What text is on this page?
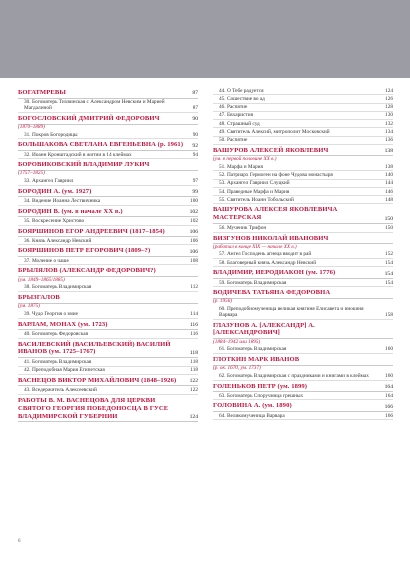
БОГАТМРЕВЫ	87
30. Богоматерь Тихвинская с Александром Невским и Марией Магдалиной	87
БОГОСЛОВСКИЙ ДМИТРИЙ ФЕДОРОВИЧ	90
(1870–1889)
31. Покров Богородицы	90
БОЛЬШАКОВА СВЕТЛАНА ЕВГЕНЬЕВНА (р. 1961)	92
32. Иоанн Кронштадский в житии в 14 клеймах	94
БОРОВИКОВСКИЙ ВЛАДИМИР ЛУКИЧ
(1757–1825)
33. Архангел Гавриил	97
БОРОДИН А. (ум. 1927)	99
34. Видение Иоанна Лествичника	100
БОРОДИН В. (ум. в начале ХХ в.)	102
35. Воскресение Христово	102
БОЯРШИНОВ ЕГОР АНДРЕЕВИЧ (1817–1854)	106
36. Князь Александр Невский	106
БОЯРШИНОВ ПЕТР ЕГОРОВИЧ (1809–?)	106
37. Моление о чаше	108
БРЫЛЯЛОВ (АЛЕКСАНДР ФЕДОРОВИЧ?)
(ум. 1849–1865/1885)
38. Богоматерь Владимирская	112
БРЫЗГАЛОВ
(ум. 1875)
39. Чудо Георгия о змие	114
ВАРЛАМ, МОНАХ (ум. 1723)	116
40. Богоматерь Федоровская	116
ВАСИЛЕВСКИЙ (ВАСИЛЬЕВСКИЙ) ВАСИЛИЙ ИВАНОВ (ум. 1725–1767)	118
41. Богоматерь Владимирская	118
42. Преподобная Мария Египетская	118
ВАСНЕЦОВ ВИКТОР МИХАЙЛОВИЧ (1848–1926)	122
43. Вседержитель Алексеевский	122
РАБОТЫ В. М. ВАСНЕЦОВА ДЛЯ ЦЕРКВИ СВЯТОГО ГЕОРГИЯ ПОБЕДОНОСЦА В ГУСЕ ВЛАДИМИРСКОЙ ГУБЕРНИИ	124
44. О Тебе радуется	124
45. Сошествие во ад	126
46. Распятие	128
47. Евхаристия	130
48. Страшный суд	132
49. Святитель Алексий, митрополит Московский	134
50. Распятие	136
ВАШУРОВ АЛЕКСЕЙ ЯКОВЛЕВИЧ	138
(ум. в первой половине ХХ в.)
51. Марфа и Мария	138
52. Патриарх Гермоген на фоне Чудова монастыря	140
53. Архангел Гавриил Слуцкий	144
54. Праведные Марфа и Мария	146
55. Святитель Иоанн Тобольский	148
ВАШУРОВА АЛЕКСЕЯ ЯКОВЛЕВИЧА МАСТЕРСКАЯ	150
56. Мученик Трифон	150
ВИЗГУНОВ НИКОЛАЙ ИВАНОВИЧ
(работал в конце XIX — начале ХХ в.)
57. Ангел Господень агнеца вводит в рай	152
58. Благоверный князь Александр Невский	154
ВЛАДИМИР, ИЕРОДИАКОН (ум. 1776)	154
59. Богоматерь Владимирская	154
ВОДИЧЕВА ТАТЬЯНА ФЕДОРОВНА
(р. 1956)
60. Преподобномученица великая княгиня Елисавета и инокиня Варвара	158
ГЛАЗУНОВ А. [АЛЕКСАНДР] А. [АЛЕКСАНДРОВИЧ]
(1884–1942 или 1895)
61. Богоматерь Владимирская	160
ГЛОТКИН МАРК ИВАНОВ
(р. ок. 1670, ум. 1737)
62. Богоматерь Владимирская с праздниками и книгами в клеймах	160
ГОЛЕНЬКОВ ПЕТР (ум. 1899)	164
63. Богоматерь Споручница грешных	164
ГОЛОВИНА А. (ум. 1890)	166
64. Великомученица Варвара	166
6
